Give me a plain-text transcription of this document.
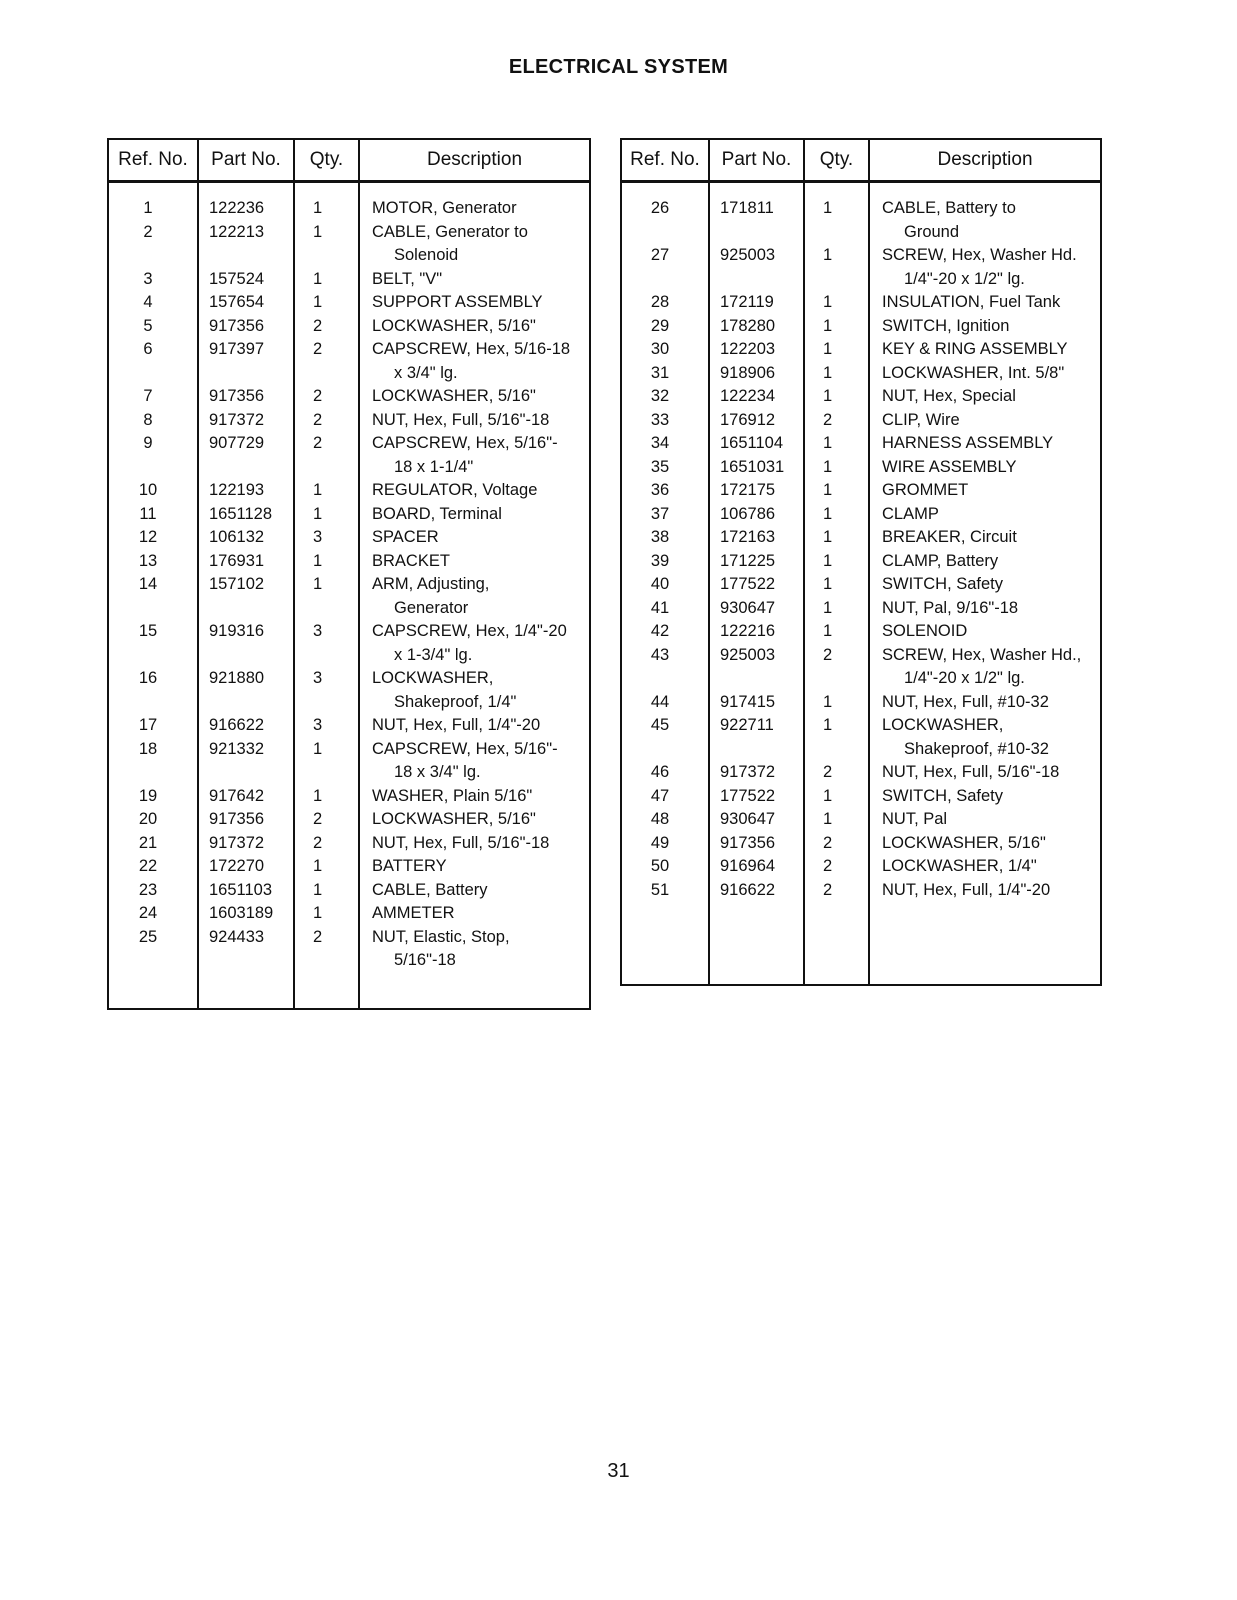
ELECTRICAL SYSTEM
Ref. No.	Part No.	Qty.	Description

1	122236	1	MOTOR, Generator
2	122213	1	CABLE, Generator to
			Solenoid
3	157524	1	BELT, "V"
4	157654	1	SUPPORT ASSEMBLY
5	917356	2	LOCKWASHER, 5/16"
6	917397	2	CAPSCREW, Hex, 5/16-18
			x 3/4" lg.
7	917356	2	LOCKWASHER, 5/16"
8	917372	2	NUT, Hex, Full, 5/16"-18
9	907729	2	CAPSCREW, Hex, 5/16"-
			18 x 1-1/4"
10	122193	1	REGULATOR, Voltage
11	1651128	1	BOARD, Terminal
12	106132	3	SPACER
13	176931	1	BRACKET
14	157102	1	ARM, Adjusting,
			Generator
15	919316	3	CAPSCREW, Hex, 1/4"-20
			x 1-3/4" lg.
16	921880	3	LOCKWASHER,
			Shakeproof, 1/4"
17	916622	3	NUT, Hex, Full, 1/4"-20
18	921332	1	CAPSCREW, Hex, 5/16"-
			18 x 3/4" lg.
19	917642	1	WASHER, Plain 5/16"
20	917356	2	LOCKWASHER, 5/16"
21	917372	2	NUT, Hex, Full, 5/16"-18
22	172270	1	BATTERY
23	1651103	1	CABLE, Battery
24	1603189	1	AMMETER
25	924433	2	NUT, Elastic, Stop,
			5/16"-18

Ref. No.	Part No.	Qty.	Description

26	171811	1	CABLE, Battery to
			Ground
27	925003	1	SCREW, Hex, Washer Hd.
			1/4"-20 x 1/2" lg.
28	172119	1	INSULATION, Fuel Tank
29	178280	1	SWITCH, Ignition
30	122203	1	KEY & RING ASSEMBLY
31	918906	1	LOCKWASHER, Int. 5/8"
32	122234	1	NUT, Hex, Special
33	176912	2	CLIP, Wire
34	1651104	1	HARNESS ASSEMBLY
35	1651031	1	WIRE ASSEMBLY
36	172175	1	GROMMET
37	106786	1	CLAMP
38	172163	1	BREAKER, Circuit
39	171225	1	CLAMP, Battery
40	177522	1	SWITCH, Safety
41	930647	1	NUT, Pal, 9/16"-18
42	122216	1	SOLENOID
43	925003	2	SCREW, Hex, Washer Hd.,
			1/4"-20 x 1/2" lg.
44	917415	1	NUT, Hex, Full, #10-32
45	922711	1	LOCKWASHER,
			Shakeproof, #10-32
46	917372	2	NUT, Hex, Full, 5/16"-18
47	177522	1	SWITCH, Safety
48	930647	1	NUT, Pal
49	917356	2	LOCKWASHER, 5/16"
50	916964	2	LOCKWASHER, 1/4"
51	916622	2	NUT, Hex, Full, 1/4"-20

31
